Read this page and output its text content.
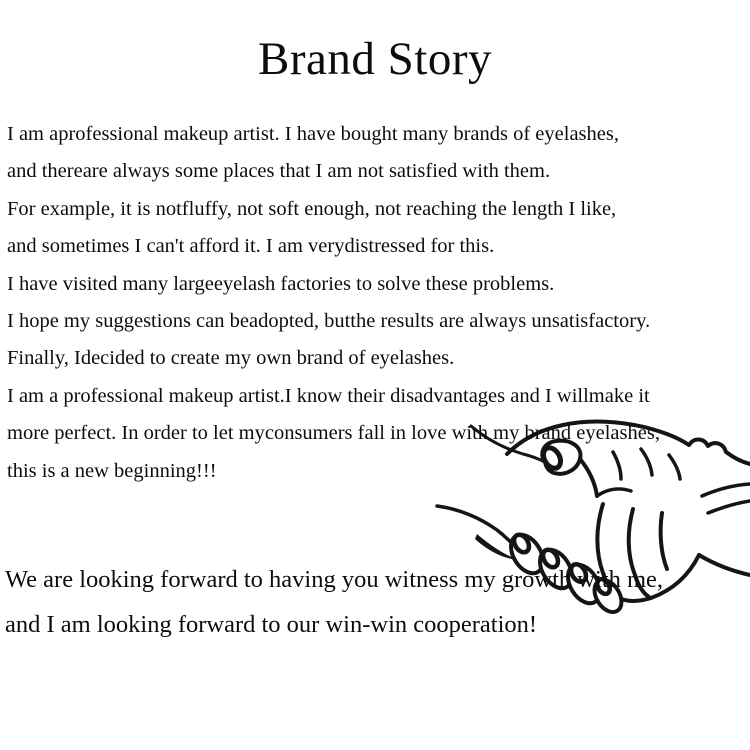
Brand Story
I am aprofessional makeup artist. I have bought many brands of eyelashes,
and thereare always some places that I am not satisfied with them.
For example, it is notfluffy, not soft enough, not reaching the length I like,
and sometimes I can't afford it. I am verydistressed for this.
I have visited many largeeyelash factories to solve these problems.
I hope my suggestions can beadopted, butthe results are always unsatisfactory.
Finally, Idecided to create my own brand of eyelashes.
I am a professional makeup artist.I know their disadvantages and I willmake it
more perfect. In order to let myconsumers fall in love with my brand eyelashes,
this is a new beginning!!!
We are looking forward to having you witness my growth with me,
and I am looking forward to our win-win cooperation!
